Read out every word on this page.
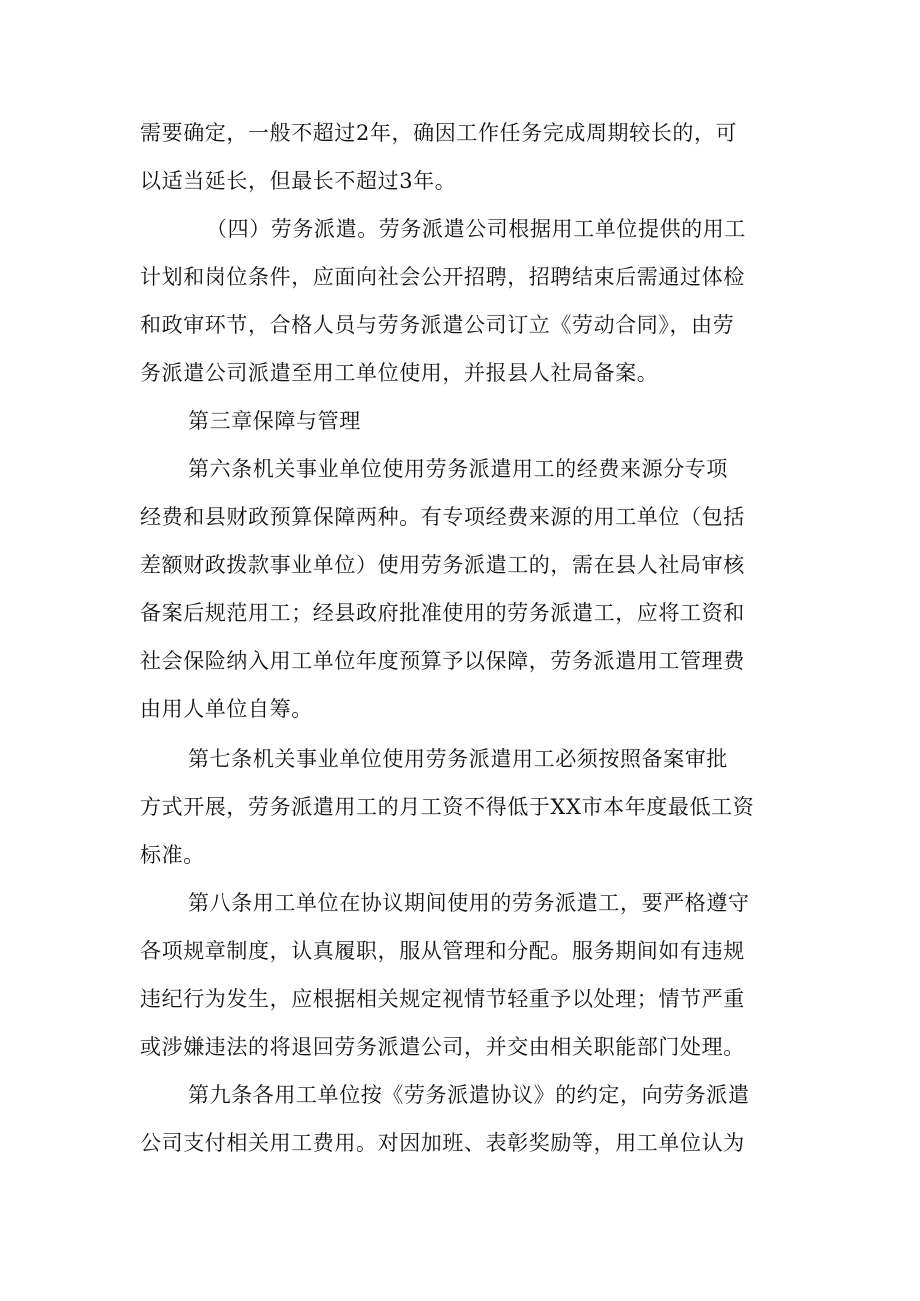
需要确定，一般不超过2年，确因工作任务完成周期较长的，可
以适当延长，但最长不超过3年。
（四）劳务派遣。劳务派遣公司根据用工单位提供的用工
计划和岗位条件，应面向社会公开招聘，招聘结束后需通过体检
和政审环节，合格人员与劳务派遣公司订立《劳动合同》，由劳
务派遣公司派遣至用工单位使用，并报县人社局备案。
第三章保障与管理
第六条机关事业单位使用劳务派遣用工的经费来源分专项
经费和县财政预算保障两种。有专项经费来源的用工单位（包括
差额财政拨款事业单位）使用劳务派遣工的，需在县人社局审核
备案后规范用工；经县政府批准使用的劳务派遣工，应将工资和
社会保险纳入用工单位年度预算予以保障，劳务派遣用工管理费
由用人单位自筹。
第七条机关事业单位使用劳务派遣用工必须按照备案审批
方式开展，劳务派遣用工的月工资不得低于XX市本年度最低工资
标准。
第八条用工单位在协议期间使用的劳务派遣工，要严格遵守
各项规章制度，认真履职，服从管理和分配。服务期间如有违规
违纪行为发生，应根据相关规定视情节轻重予以处理；情节严重
或涉嫌违法的将退回劳务派遣公司，并交由相关职能部门处理。
第九条各用工单位按《劳务派遣协议》的约定，向劳务派遣
公司支付相关用工费用。对因加班、表彰奖励等，用工单位认为
